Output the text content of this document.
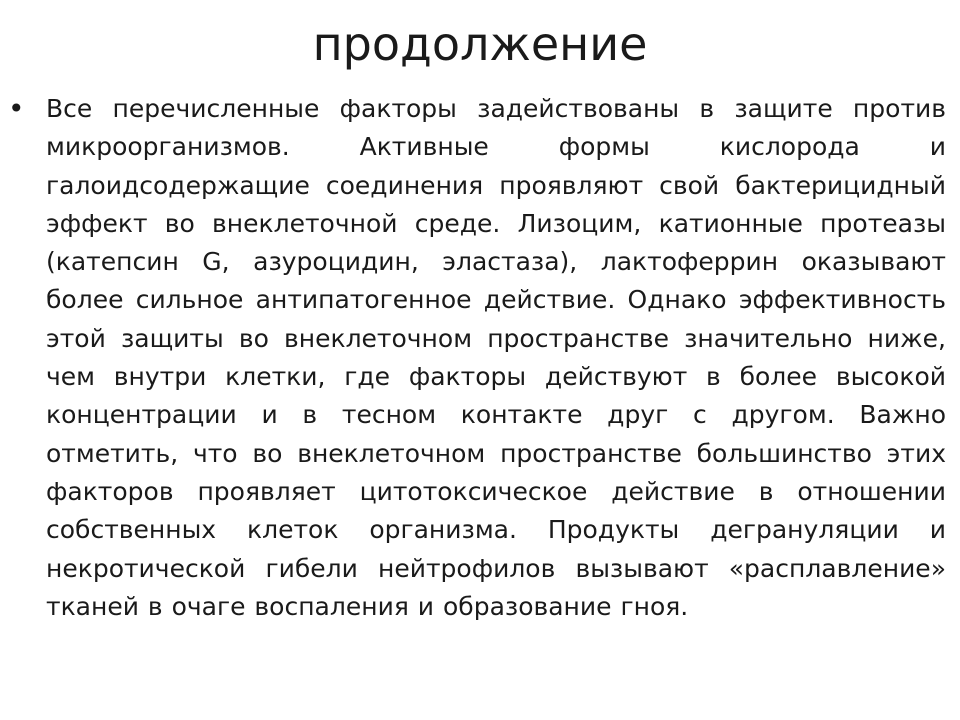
продолжение
• Все перечисленные факторы задействованы в защите против микроорганизмов. Активные формы кислорода и галоидсодержащие соединения проявляют свой бактерицидный эффект во внеклеточной среде. Лизоцим, катионные протеазы (катепсин G, азуроцидин, эластаза), лактоферрин оказывают более сильное антипатогенное действие. Однако эффективность этой защиты во внеклеточном пространстве значительно ниже, чем внутри клетки, где факторы действуют в более высокой концентрации и в тесном контакте друг с другом. Важно отметить, что во внеклеточном пространстве большинство этих факторов проявляет цитотоксическое действие в отношении собственных клеток организма. Продукты дегрануляции и некротической гибели нейтрофилов вызывают «расплавление» тканей в очаге воспаления и образование гноя.
